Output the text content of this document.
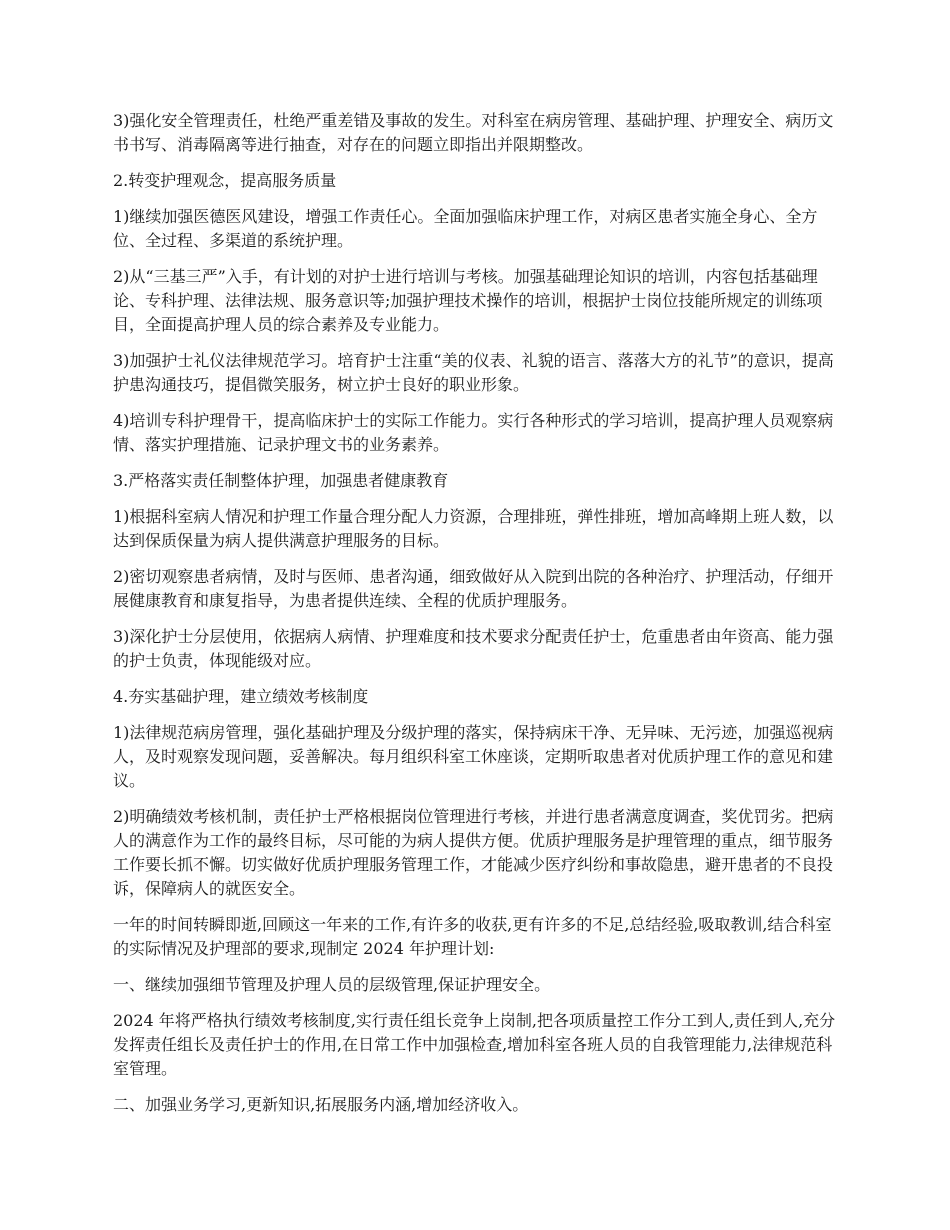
3)强化安全管理责任，杜绝严重差错及事故的发生。对科室在病房管理、基础护理、护理安全、病历文书书写、消毒隔离等进行抽查，对存在的问题立即指出并限期整改。

2.转变护理观念，提高服务质量

1)继续加强医德医风建设，增强工作责任心。全面加强临床护理工作，对病区患者实施全身心、全方位、全过程、多渠道的系统护理。

2)从“三基三严”入手，有计划的对护士进行培训与考核。加强基础理论知识的培训，内容包括基础理论、专科护理、法律法规、服务意识等;加强护理技术操作的培训，根据护士岗位技能所规定的训练项目，全面提高护理人员的综合素养及专业能力。

3)加强护士礼仪法律规范学习。培育护士注重“美的仪表、礼貌的语言、落落大方的礼节”的意识，提高护患沟通技巧，提倡微笑服务，树立护士良好的职业形象。

4)培训专科护理骨干，提高临床护士的实际工作能力。实行各种形式的学习培训，提高护理人员观察病情、落实护理措施、记录护理文书的业务素养。

3.严格落实责任制整体护理，加强患者健康教育

1)根据科室病人情况和护理工作量合理分配人力资源，合理排班，弹性排班，增加高峰期上班人数，以达到保质保量为病人提供满意护理服务的目标。

2)密切观察患者病情，及时与医师、患者沟通，细致做好从入院到出院的各种治疗、护理活动，仔细开展健康教育和康复指导，为患者提供连续、全程的优质护理服务。

3)深化护士分层使用，依据病人病情、护理难度和技术要求分配责任护士，危重患者由年资高、能力强的护士负责，体现能级对应。

4.夯实基础护理，建立绩效考核制度

1)法律规范病房管理，强化基础护理及分级护理的落实，保持病床干净、无异味、无污迹，加强巡视病人，及时观察发现问题，妥善解决。每月组织科室工休座谈，定期听取患者对优质护理工作的意见和建议。

2)明确绩效考核机制，责任护士严格根据岗位管理进行考核，并进行患者满意度调查，奖优罚劣。把病人的满意作为工作的最终目标，尽可能的为病人提供方便。优质护理服务是护理管理的重点，细节服务工作要长抓不懈。切实做好优质护理服务管理工作，才能减少医疗纠纷和事故隐患，避开患者的不良投诉，保障病人的就医安全。

一年的时间转瞬即逝,回顾这一年来的工作,有许多的收获,更有许多的不足,总结经验,吸取教训,结合科室的实际情况及护理部的要求,现制定 2024 年护理计划:

一、继续加强细节管理及护理人员的层级管理,保证护理安全。

2024 年将严格执行绩效考核制度,实行责任组长竞争上岗制,把各项质量控工作分工到人,责任到人,充分发挥责任组长及责任护士的作用,在日常工作中加强检查,增加科室各班人员的自我管理能力,法律规范科室管理。

二、加强业务学习,更新知识,拓展服务内涵,增加经济收入。
